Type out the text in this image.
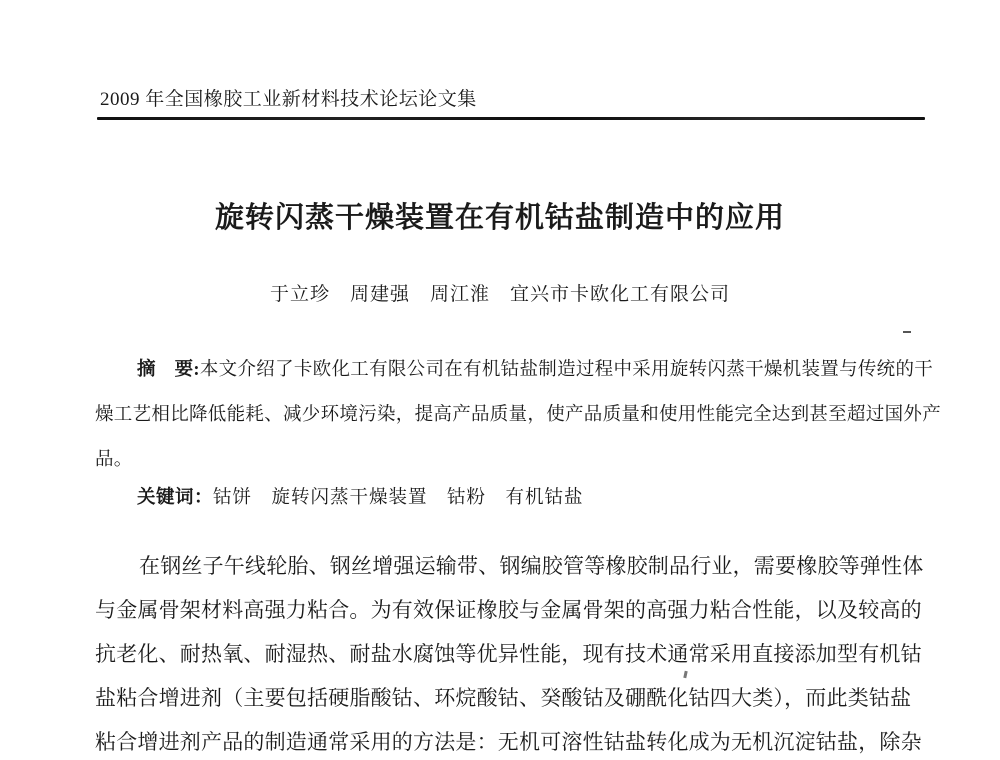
2009 年全国橡胶工业新材料技术论坛论文集
旋转闪蒸干燥装置在有机钴盐制造中的应用
于立珍　周建强　周江淮　宜兴市卡欧化工有限公司
摘　要:本文介绍了卡欧化工有限公司在有机钴盐制造过程中采用旋转闪蒸干燥机装置与传统的干
燥工艺相比降低能耗、减少环境污染，提高产品质量，使产品质量和使用性能完全达到甚至超过国外产
品。
关键词：钴饼　旋转闪蒸干燥装置　钴粉　有机钴盐
在钢丝子午线轮胎、钢丝增强运输带、钢编胶管等橡胶制品行业，需要橡胶等弹性体
与金属骨架材料高强力粘合。为有效保证橡胶与金属骨架的高强力粘合性能，以及较高的
抗老化、耐热氧、耐湿热、耐盐水腐蚀等优异性能，现有技术通常采用直接添加型有机钴
盐粘合增进剂（主要包括硬脂酸钴、环烷酸钴、癸酸钴及硼酰化钴四大类），而此类钴盐
粘合增进剂产品的制造通常采用的方法是：无机可溶性钴盐转化成为无机沉淀钴盐，除杂
